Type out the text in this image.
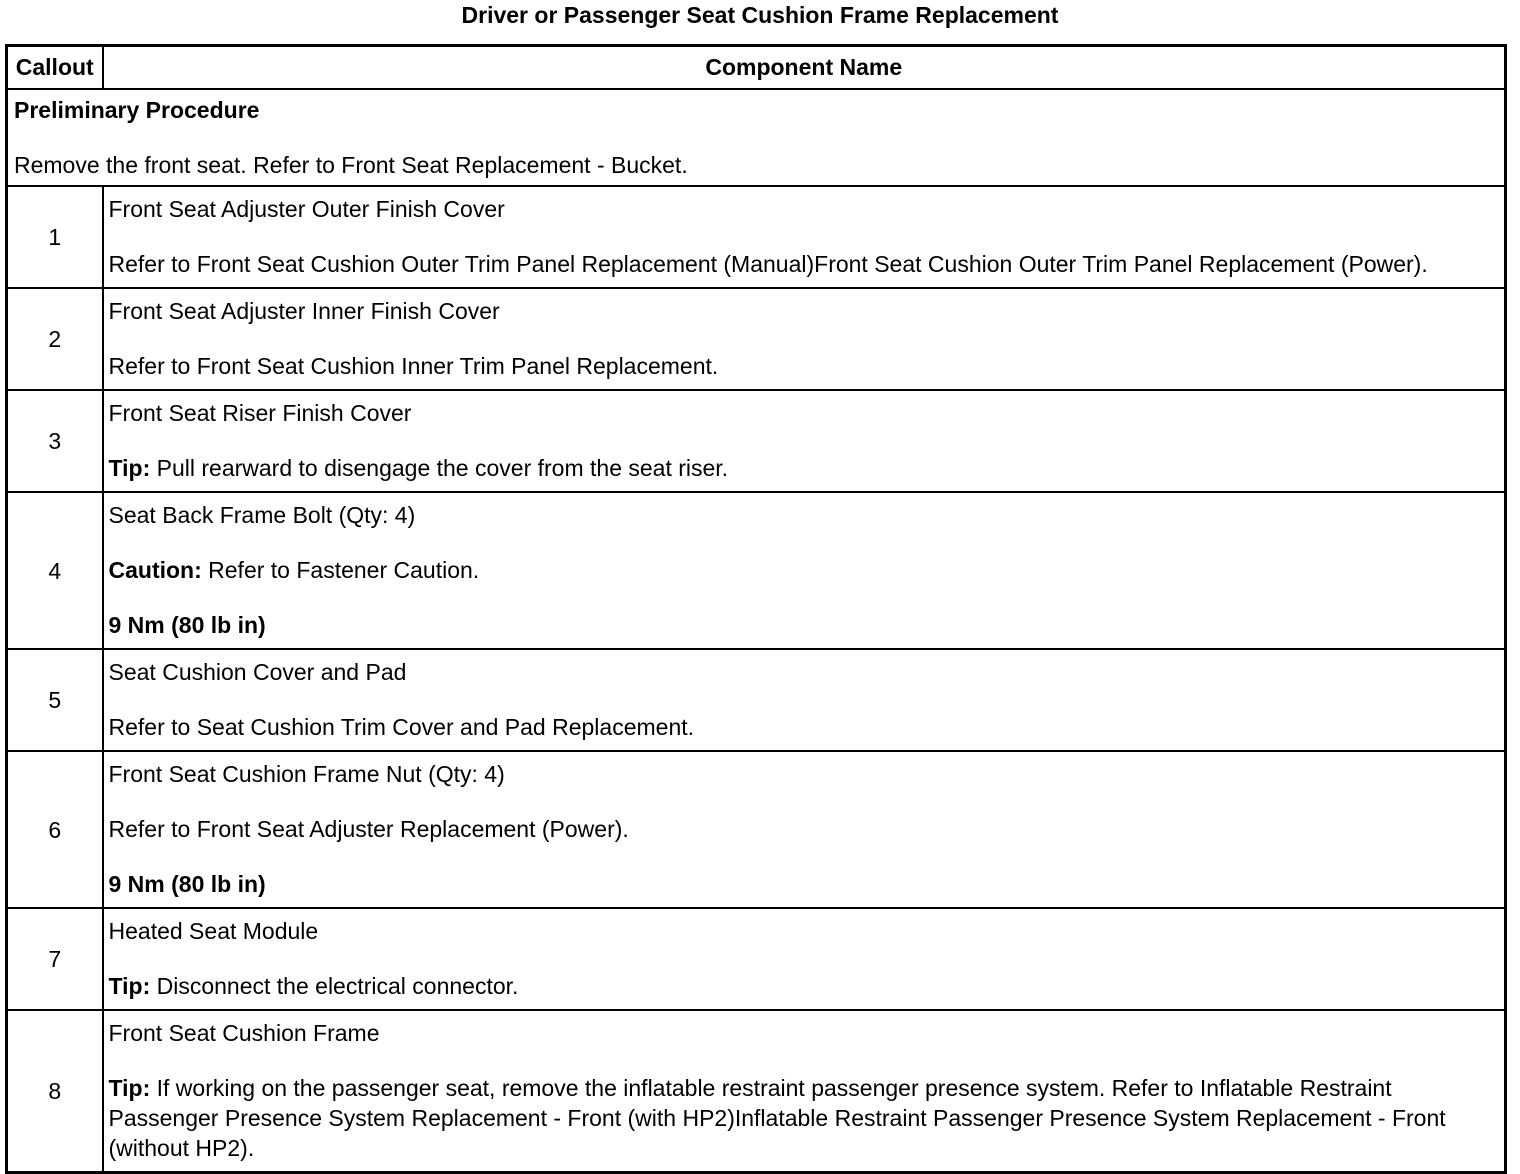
Driver or Passenger Seat Cushion Frame Replacement
Callout	Component Name

Preliminary Procedure
Remove the front seat. Refer to Front Seat Replacement - Bucket.	

1	Front Seat Adjuster Outer Finish Cover
Refer to Front Seat Cushion Outer Trim Panel Replacement (Manual)Front Seat Cushion Outer Trim Panel Replacement (Power).

2	Front Seat Adjuster Inner Finish Cover
Refer to Front Seat Cushion Inner Trim Panel Replacement.

3	Front Seat Riser Finish Cover
Tip: Pull rearward to disengage the cover from the seat riser.

4	Seat Back Frame Bolt (Qty: 4)
Caution: Refer to Fastener Caution.
9 Nm (80 lb in)

5	Seat Cushion Cover and Pad
Refer to Seat Cushion Trim Cover and Pad Replacement.

6	Front Seat Cushion Frame Nut (Qty: 4)
Refer to Front Seat Adjuster Replacement (Power).
9 Nm (80 lb in)

7	Heated Seat Module
Tip: Disconnect the electrical connector.

8	Front Seat Cushion Frame
Tip: If working on the passenger seat, remove the inflatable restraint passenger presence system. Refer to Inflatable Restraint Passenger Presence System Replacement - Front (with HP2)Inflatable Restraint Passenger Presence System Replacement - Front (without HP2).
